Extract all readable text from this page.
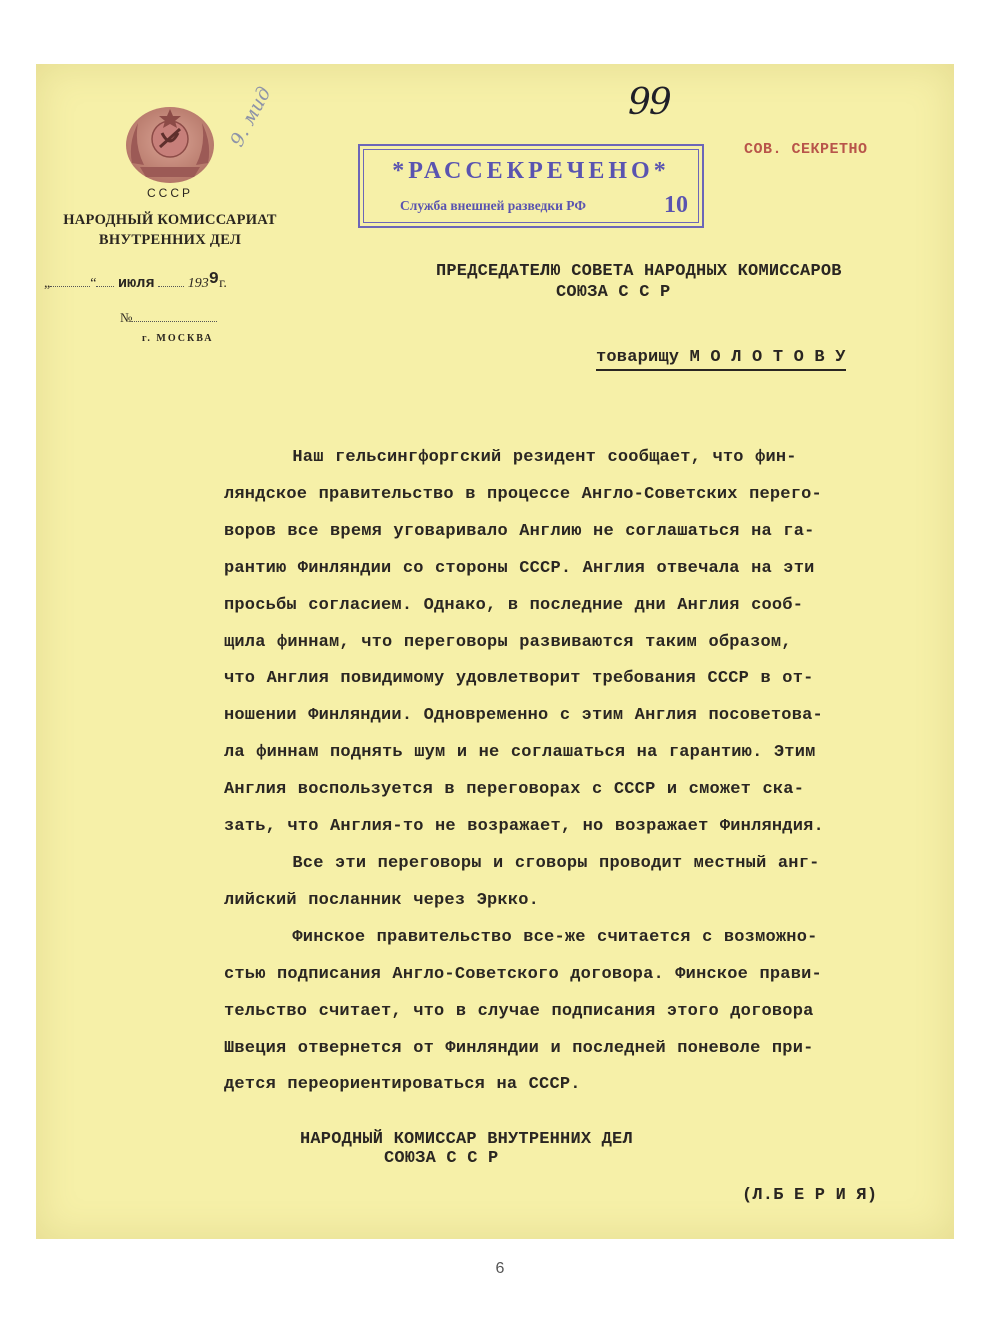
СССР
НАРОДНЫЙ КОМИССАРИАТ
ВНУТРЕННИХ ДЕЛ
„	“ июля 1939г.
№
г. МОСКВА
9. мид
*РАССЕКРЕЧЕНО*
Служба внешней разведки РФ	10
99
СОВ. СЕКРЕТНО
ПРЕДСЕДАТЕЛЮ СОВЕТА НАРОДНЫХ КОМИССАРОВ
СОЮЗА С С Р
товарищу М О Л О Т О В У

Наш гельсингфоргский резидент сообщает, что фин-

ляндское правительство в процессе Англо-Советских перего-

воров все время уговаривало Англию не соглашаться на га-

рантию Финляндии со стороны СССР. Англия отвечала на эти

просьбы согласием. Однако, в последние дни Англия сооб-

щила финнам, что переговоры развиваются таким образом,

что Англия повидимому удовлетворит требования СССР в от-

ношении Финляндии. Одновременно с этим Англия посоветова-

ла финнам поднять шум и не соглашаться на гарантию. Этим

Англия воспользуется в переговорах с СССР и сможет ска-

зать, что Англия-то не возражает, но возражает Финляндия.

Все эти переговоры и сговоры проводит местный анг-

лийский посланник через Эркко.

Финское правительство все-же считается с возможно-

стью подписания Англо-Советского договора. Финское прави-

тельство считает, что в случае подписания этого договора

Швеция отвернется от Финляндии и последней поневоле при-

дется переориентироваться на СССР.

НАРОДНЫЙ КОМИССАР ВНУТРЕННИХ ДЕЛ
СОЮЗА С С Р
(Л.Б Е Р И Я)
6
